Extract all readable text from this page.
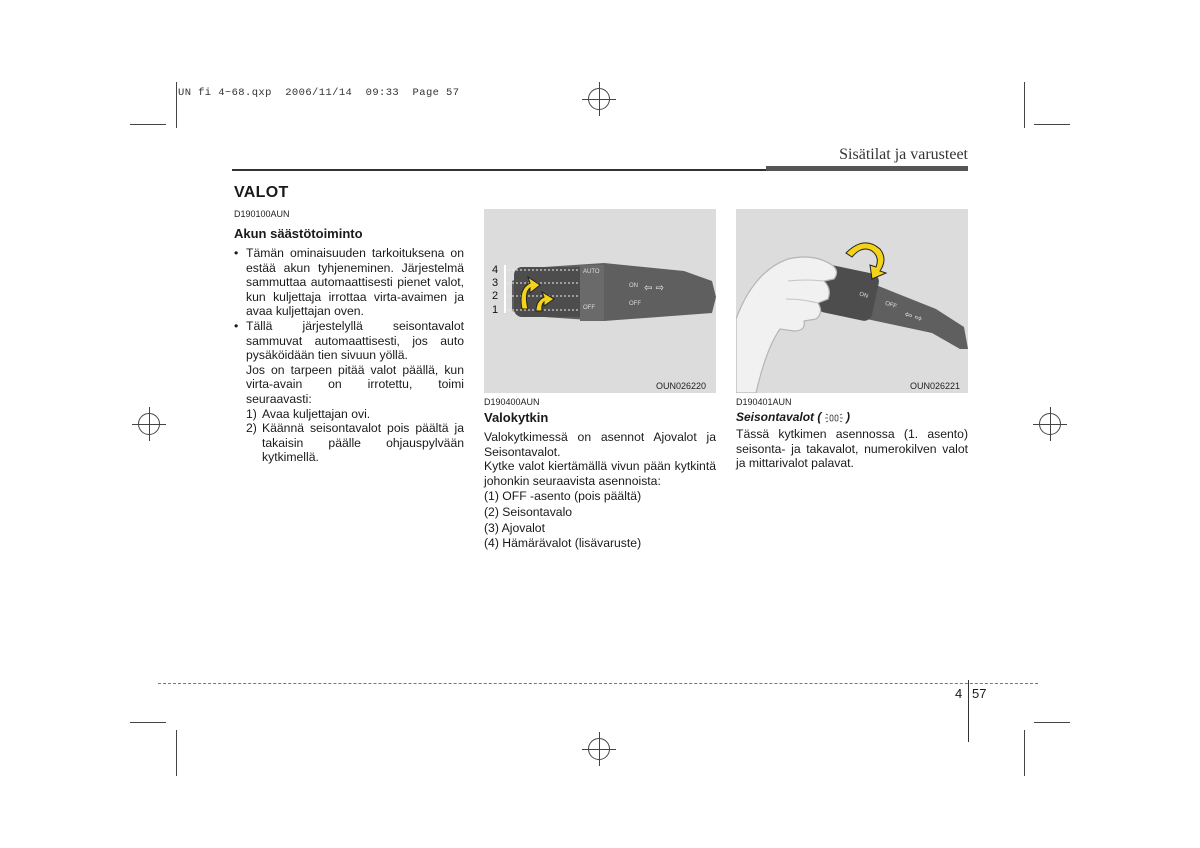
UN fi 4~68.qxp  2006/11/14  09:33  Page 57
Sisätilat ja varusteet
VALOT
D190100AUN
Akun säästötoiminto
• Tämän ominaisuuden tarkoituksena on estää akun tyhjeneminen. Järjestelmä sammuttaa automaattisesti pienet valot, kun kuljettaja irrottaa virta-avaimen ja avaa kuljettajan oven.
• Tällä järjestelyllä seisontavalot sammuvat automaattisesti, jos auto pysäköidään tien sivuun yöllä.

Jos on tarpeen pitää valot päällä, kun virta-avain on irrotettu, toimi seuraavasti:

1) Avaa kuljettajan ovi.
2) Käännä seisontavalot pois päältä ja takaisin päälle ohjauspylvään kytkimellä.
AUTO
OFF
ON
OFF
⇦ ⇨
4
3
2
1
OUN026220
D190400AUN
Valokytkin

Valokytkimessä on asennot Ajovalot ja Seisontavalot.

Kytke valot kiertämällä vivun pään kytkintä johonkin seuraavista asennoista:

(1) OFF -asento (pois päältä)

(2) Seisontavalo

(3) Ajovalot

(4) Hämärävalot (lisävaruste)

ON
OFF
⇦ ⇨
OUN026221
D190401AUN
Seisontavalot ( )

Tässä kytkimen asennossa (1. asento) seisonta- ja takavalot, numerokilven valot ja mittarivalot palavat.

4 57
